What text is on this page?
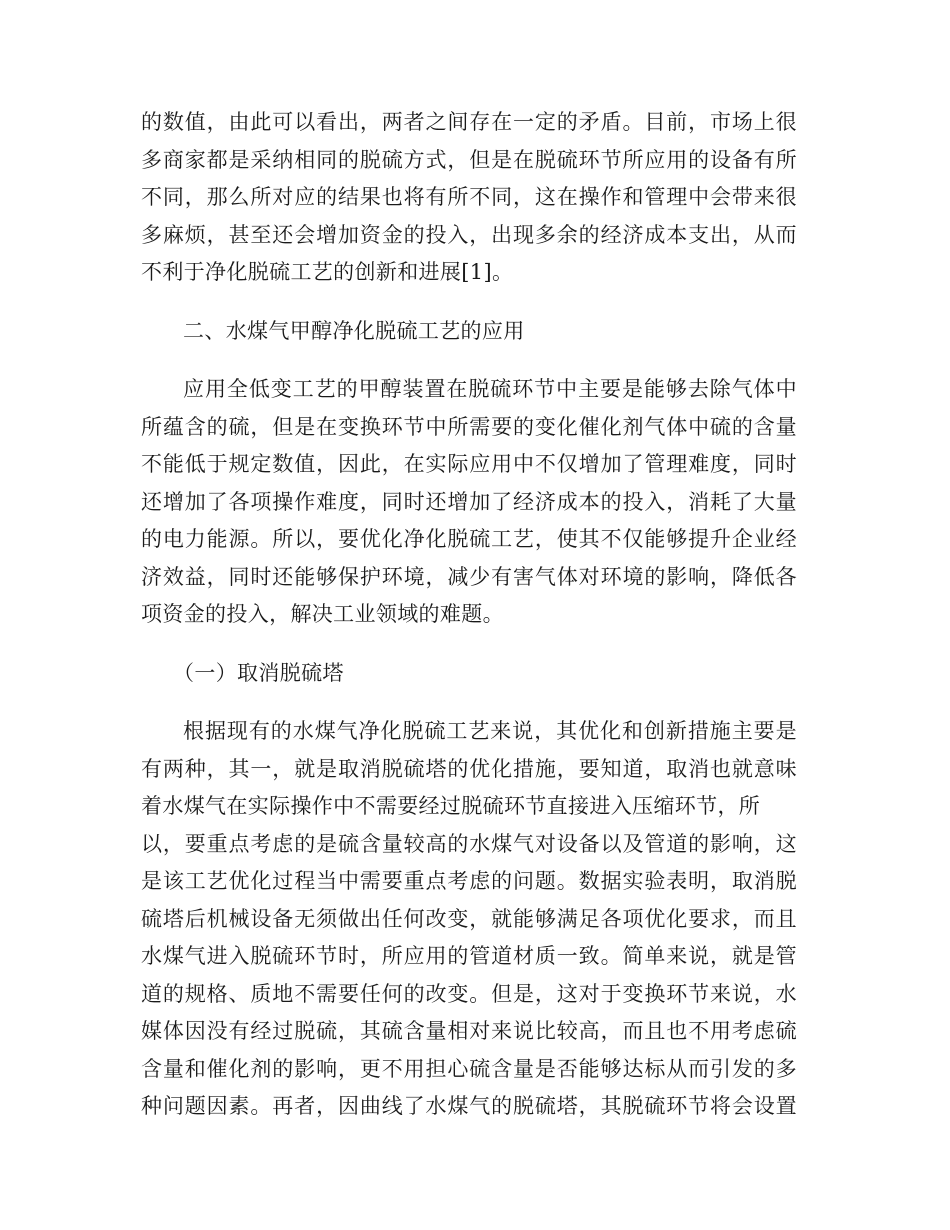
的数值，由此可以看出，两者之间存在一定的矛盾。目前，市场上很
多商家都是采纳相同的脱硫方式，但是在脱硫环节所应用的设备有所
不同，那么所对应的结果也将有所不同，这在操作和管理中会带来很
多麻烦，甚至还会增加资金的投入，出现多余的经济成本支出，从而
不利于净化脱硫工艺的创新和进展[1]。
二、水煤气甲醇净化脱硫工艺的应用
应用全低变工艺的甲醇装置在脱硫环节中主要是能够去除气体中
所蕴含的硫，但是在变换环节中所需要的变化催化剂气体中硫的含量
不能低于规定数值，因此，在实际应用中不仅增加了管理难度，同时
还增加了各项操作难度，同时还增加了经济成本的投入，消耗了大量
的电力能源。所以，要优化净化脱硫工艺，使其不仅能够提升企业经
济效益，同时还能够保护环境，减少有害气体对环境的影响，降低各
项资金的投入，解决工业领域的难题。
（一）取消脱硫塔
根据现有的水煤气净化脱硫工艺来说，其优化和创新措施主要是
有两种，其一，就是取消脱硫塔的优化措施，要知道，取消也就意味
着水煤气在实际操作中不需要经过脱硫环节直接进入压缩环节，所
以，要重点考虑的是硫含量较高的水煤气对设备以及管道的影响，这
是该工艺优化过程当中需要重点考虑的问题。数据实验表明，取消脱
硫塔后机械设备无须做出任何改变，就能够满足各项优化要求，而且
水煤气进入脱硫环节时，所应用的管道材质一致。简单来说，就是管
道的规格、质地不需要任何的改变。但是，这对于变换环节来说，水
媒体因没有经过脱硫，其硫含量相对来说比较高，而且也不用考虑硫
含量和催化剂的影响，更不用担心硫含量是否能够达标从而引发的多
种问题因素。再者，因曲线了水煤气的脱硫塔，其脱硫环节将会设置
